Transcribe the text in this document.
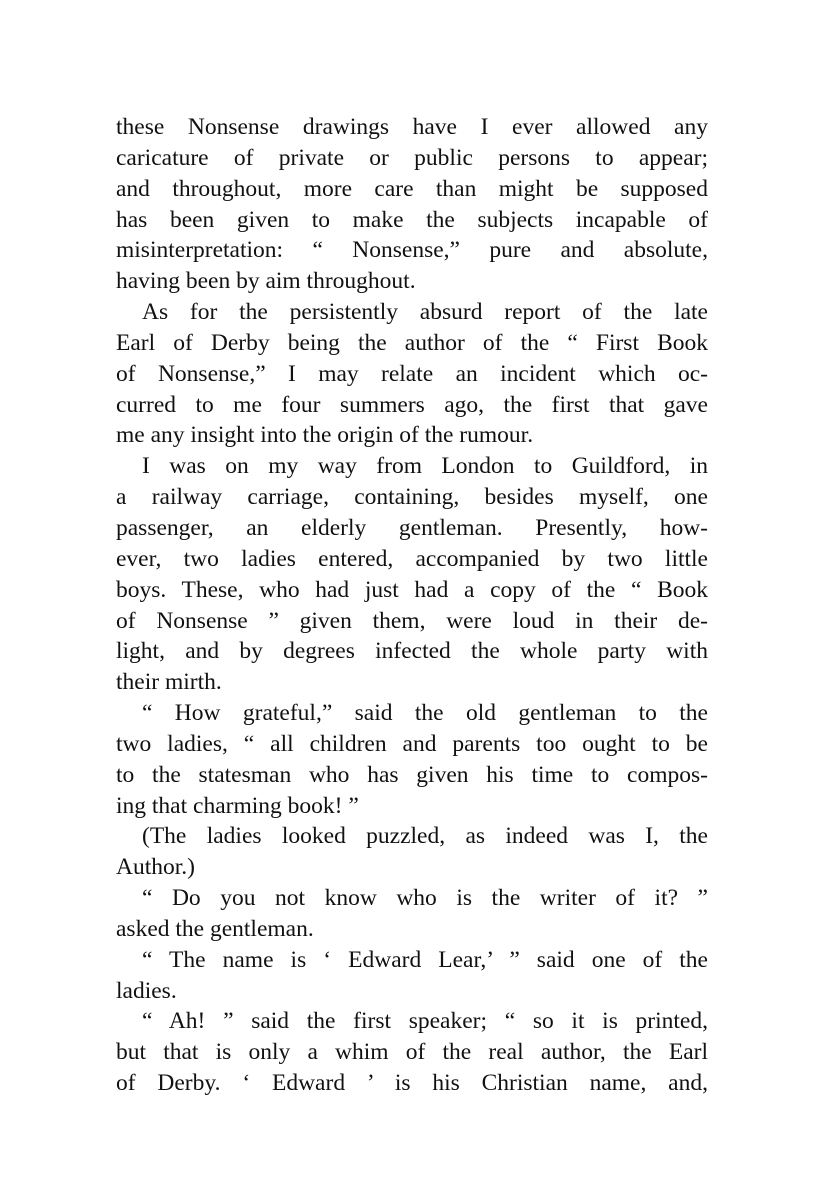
these Nonsense drawings have I ever allowed any
caricature of private or public persons to appear;
and throughout, more care than might be supposed
has been given to make the subjects incapable of
misinterpretation: “ Nonsense,” pure and absolute,
having been by aim throughout.
As for the persistently absurd report of the late
Earl of Derby being the author of the “ First Book
of Nonsense,” I may relate an incident which oc-
curred to me four summers ago, the first that gave
me any insight into the origin of the rumour.
I was on my way from London to Guildford, in
a railway carriage, containing, besides myself, one
passenger, an elderly gentleman. Presently, how-
ever, two ladies entered, accompanied by two little
boys. These, who had just had a copy of the “ Book
of Nonsense ” given them, were loud in their de-
light, and by degrees infected the whole party with
their mirth.
“ How grateful,” said the old gentleman to the
two ladies, “ all children and parents too ought to be
to the statesman who has given his time to compos-
ing that charming book! ”
(The ladies looked puzzled, as indeed was I, the
Author.)
“ Do you not know who is the writer of it? ”
asked the gentleman.
“ The name is ‘ Edward Lear,’ ” said one of the
ladies.
“ Ah! ” said the first speaker; “ so it is printed,
but that is only a whim of the real author, the Earl
of Derby. ‘ Edward ’ is his Christian name, and,
